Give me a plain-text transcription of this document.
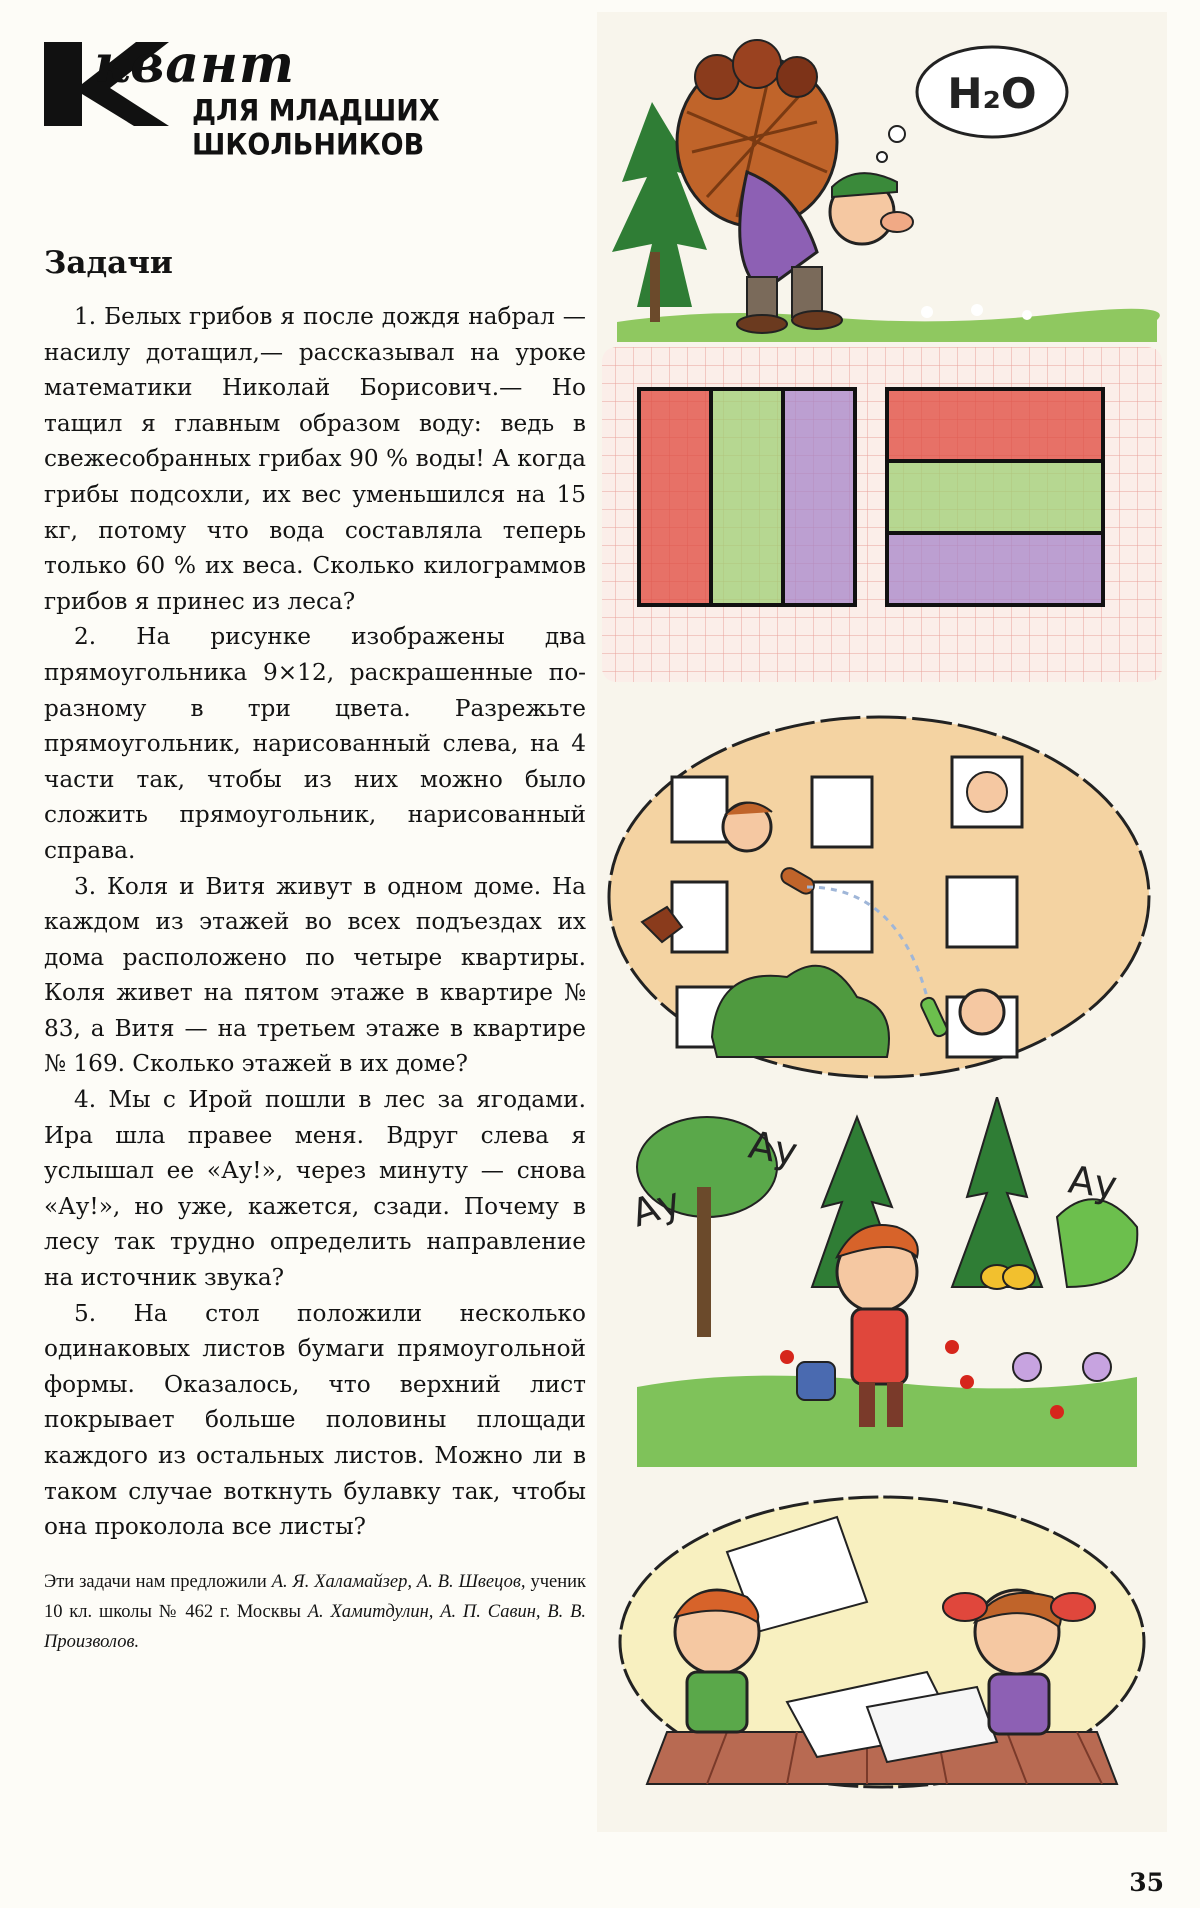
квант
ДЛЯ МЛАДШИХ ШКОЛЬНИКОВ
Задачи

1. Белых грибов я после дождя набрал — насилу дотащил,— рассказывал на уроке математики Николай Борисович.— Но тащил я главным образом воду: ведь в свежесобранных грибах 90 % воды! А когда грибы подсохли, их вес уменьшился на 15 кг, потому что вода составляла теперь только 60 % их веса. Сколько килограммов грибов я принес из леса?

2. На рисунке изображены два прямоугольника 9×12, раскрашенные по-разному в три цвета. Разрежьте прямоугольник, нарисованный слева, на 4 части так, чтобы из них можно было сложить прямоугольник, нарисованный справа.

3. Коля и Витя живут в одном доме. На каждом из этажей во всех подъездах их дома расположено по четыре квартиры. Коля живет на пятом этаже в квартире № 83, а Витя — на третьем этаже в квартире № 169. Сколько этажей в их доме?

4. Мы с Ирой пошли в лес за ягодами. Ира шла правее меня. Вдруг слева я услышал ее «Ау!», через минуту — снова «Ау!», но уже, кажется, сзади. Почему в лесу так трудно определить направление на источник звука?

5. На стол положили несколько одинаковых листов бумаги прямоугольной формы. Оказалось, что верхний лист покрывает больше половины площади каждого из остальных листов. Можно ли в таком случае воткнуть булавку так, чтобы она проколола все листы?

Эти задачи нам предложили А. Я. Халамайзер, А. В. Швецов, ученик 10 кл. школы № 462 г. Москвы А. Хамитдулин, А. П. Савин, В. В. Произволов.
35
H₂O
Ау
Ау
Ау
